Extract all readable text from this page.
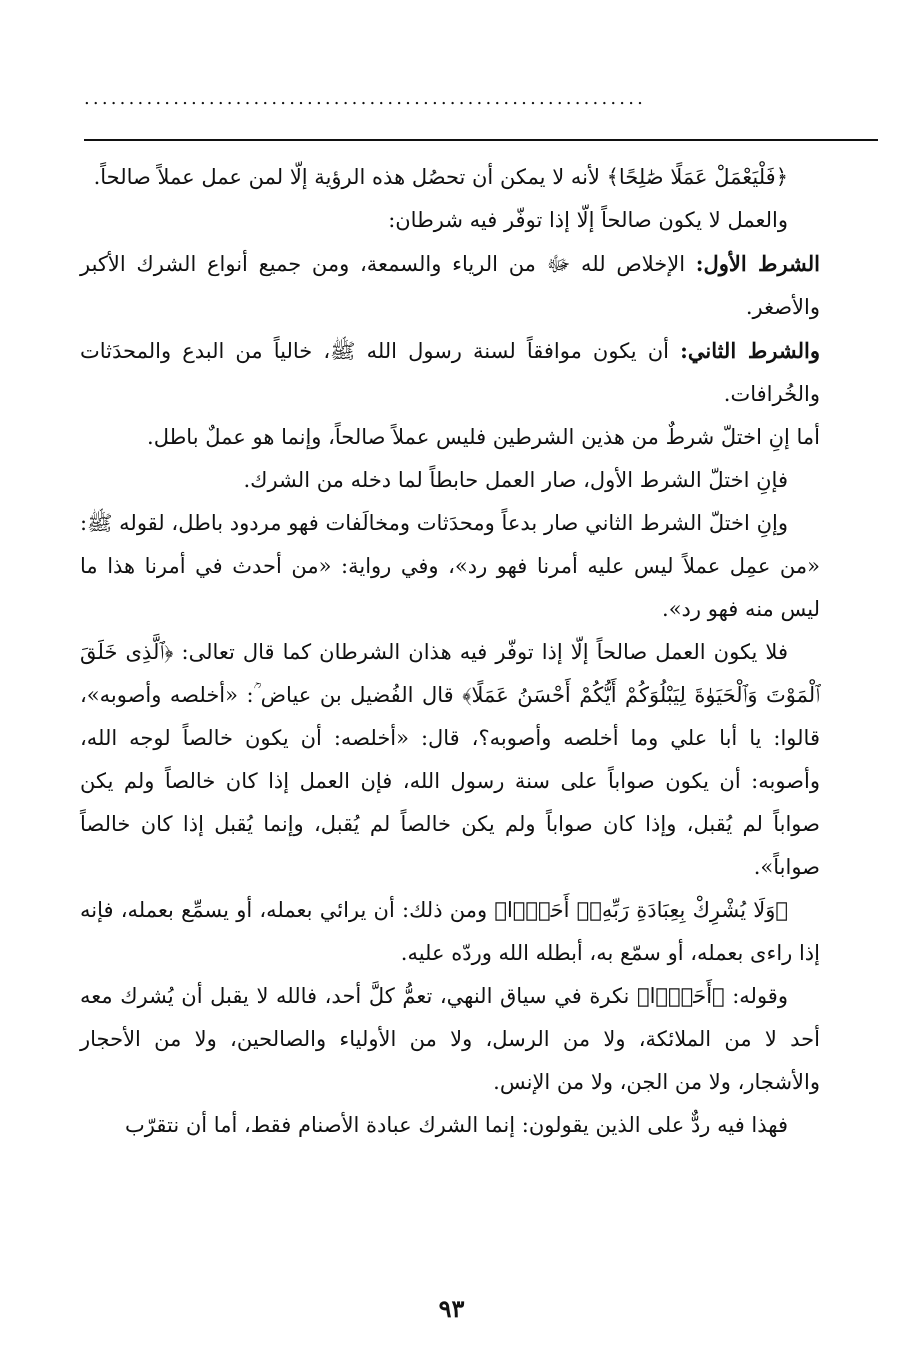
...............................................................

﴿فَلْيَعْمَلْ عَمَلًا صَٰلِحًا﴾ لأنه لا يمكن أن تحصُل هذه الرؤية إلّا لمن عمل عملاً صالحاً.

والعمل لا يكون صالحاً إلّا إذا توفّر فيه شرطان:

الشرط الأول: الإخلاص لله ﷻ من الرياء والسمعة، ومن جميع أنواع الشرك الأكبر والأصغر.

والشرط الثاني: أن يكون موافقاً لسنة رسول الله ﷺ، خالياً من البدع والمحدَثات والخُرافات.

أما إنِ اختلّ شرطٌ من هذين الشرطين فليس عملاً صالحاً، وإنما هو عملٌ باطل.

فإنِ اختلّ الشرط الأول، صار العمل حابطاً لما دخله من الشرك.

وإنِ اختلّ الشرط الثاني صار بدعاً ومحدَثات ومخالَفات فهو مردود باطل، لقوله ﷺ: «من عمِل عملاً ليس عليه أمرنا فهو رد»، وفي رواية: «من أحدث في أمرنا هذا ما ليس منه فهو رد».

فلا يكون العمل صالحاً إلّا إذا توفّر فيه هذان الشرطان كما قال تعالى: ﴿ٱلَّذِى خَلَقَ ٱلْمَوْتَ وَٱلْحَيَوٰةَ لِيَبْلُوَكُمْ أَيُّكُمْ أَحْسَنُ عَمَلًا﴾ قال الفُضيل بن عياض ؒ: «أخلصه وأصوبه»، قالوا: يا أبا علي وما أخلصه وأصوبه؟، قال: «أخلصه: أن يكون خالصاً لوجه الله، وأصوبه: أن يكون صواباً على سنة رسول الله، فإن العمل إذا كان خالصاً ولم يكن صواباً لم يُقبل، وإذا كان صواباً ولم يكن خالصاً لم يُقبل، وإنما يُقبل إذا كان خالصاً صواباً».

﴿وَلَا يُشْرِكْ بِعِبَادَةِ رَبِّهِۦٓ أَحَدًۢا﴾ ومن ذلك: أن يرائي بعمله، أو يسمِّع بعمله، فإنه إذا راءى بعمله، أو سمّع به، أبطله الله وردّه عليه.

وقوله: ﴿أَحَدًۢا﴾ نكرة في سياق النهي، تعمُّ كلَّ أحد، فالله لا يقبل أن يُشرك معه أحد لا من الملائكة، ولا من الرسل، ولا من الأولياء والصالحين، ولا من الأحجار والأشجار، ولا من الجن، ولا من الإنس.

فهذا فيه ردٌّ على الذين يقولون: إنما الشرك عبادة الأصنام فقط، أما أن نتقرّب

٩٣
